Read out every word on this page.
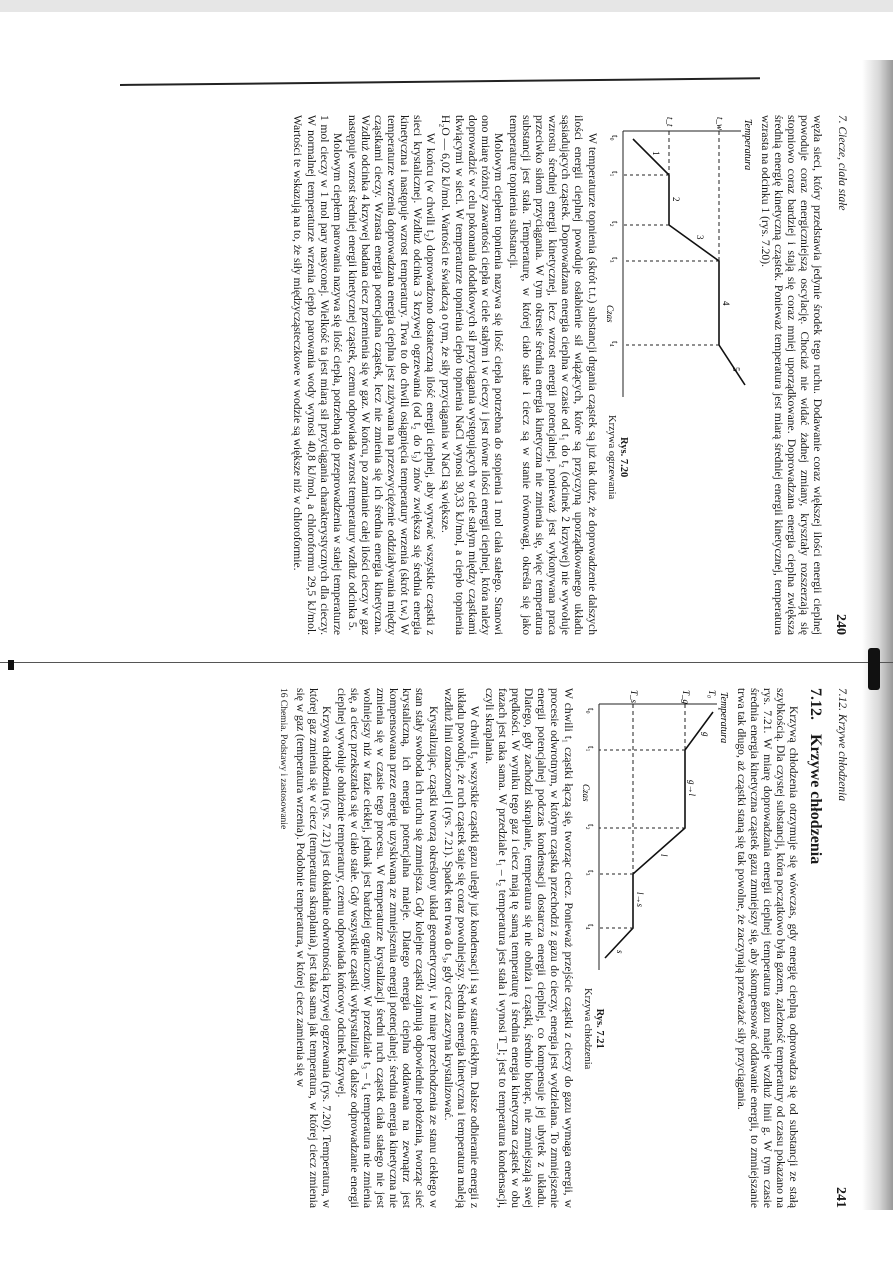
7. Ciecze, ciała stałe
240

węzła sieci, który przedstawia jedynie środek tego ruchu. Dodawanie coraz większej ilości energii cieplnej powoduje coraz energiczniejszą oscylację. Chociaż nie widać żadnej zmiany, kryształy rozszerzają się stopniowo coraz bardziej i stają się coraz mniej uporządkowane. Doprowadzana energia cieplna zwiększa średnią energię kinetyczną cząstek. Ponieważ temperatura jest miarą średniej energii kinetycznej, temperatura wzrasta na odcinku 1 (rys. 7.20).

Temperatura
t_w
t_t
1
2
3
4
5
t₀
t₁
t₂
t₃
t₄
Czas
Rys. 7.20
Krzywa ogrzewania

W temperaturze topnienia (skrót t.t.) substancji drgania cząstek są już tak duże, że doprowadzenie dalszych ilości energii cieplnej powoduje osłabienie sił wiążących, które są przyczyną uporządkowanego układu sąsiadujących cząstek. Doprowadzana energia cieplna w czasie od t₁ do t₂ (odcinek 2 krzywej) nie wywołuje wzrostu średniej energii kinetycznej, lecz wzrost energii potencjalnej, ponieważ jest wykonywana praca przeciwko siłom przyciągania. W tym okresie średnia energia kinetyczna nie zmienia się, więc temperatura substancji jest stała. Temperaturę, w której ciało stałe i ciecz są w stanie równowagi, określa się jako temperaturę topnienia substancji.

Molowym ciepłem topnienia nazywa się ilość ciepła potrzebna do stopienia 1 mol ciała stałego. Stanowi ono miarę różnicy zawartości ciepła w ciele stałym i w cieczy i jest równe ilości energii cieplnej, która należy doprowadzić w celu pokonania dodatkowych sił przyciągania występujących w ciele stałym między cząstkami tkwiącymi w sieci. W temperaturze topnienia ciepło topnienia NaCl wynosi 30,33 kJ/mol, a ciepło topnienia H₂O — 6,02 kJ/mol. Wartości te świadczą o tym, że siły przyciągania w NaCl są większe.

W końcu (w chwili t₂) doprowadzono dostateczną ilość energii cieplnej, aby wyrwać wszystkie cząstki z sieci krystalicznej. Wzdłuż odcinka 3 krzywej ogrzewania (od t₂ do t₃) znów zwiększa się średnia energia kinetyczna i następuje wzrost temperatury. Trwa to do chwili osiągnięcia temperatury wrzenia (skrót t.w.) W temperaturze wrzenia doprowadzana energia cieplna jest zużywana na przezwyciężenie oddziaływania między cząstkami cieczy. Wzrasta energia potencjalna cząstek, lecz nie zmienia się ich średnia energia kinetyczna. Wzdłuż odcinka 4 krzywej badana ciecz przemienia się w gaz. W końcu, po zamianie całej ilości cieczy w gaz następuje wzrost średniej energii kinetycznej cząstek, czemu odpowiada wzrost temperatury wzdłuż odcinka 5.

Molowym ciepłem parowania nazywa się ilość ciepła, potrzebną do przeprowadzenia w stałej temperaturze 1 mol cieczy w 1 mol pary nasyconej. Wielkość ta jest miarą sił przyciągania charakterystycznych dla cieczy. W normalnej temperaturze wrzenia ciepło parowania wody wynosi 40,8 kJ/mol, a chloroformu 29,5 kJ/mol. Wartości te wskazują na to, że siły międzycząsteczkowe w wodzie są większe niż w chloroformie.

7.12. Krzywe chłodzenia
241
7.12.Krzywe chłodzenia

Krzywą chłodzenia otrzymuje się wówczas, gdy energię cieplną odprowadza się od substancji ze stałą szybkością. Dla czystej substancji, która początkowo była gazem, zależność temperatury od czasu pokazano na rys. 7.21. W miarę doprowadzania energii cieplnej temperatura gazu maleje wzdłuż linii g. W tym czasie średnia energia kinetyczna cząstek gazu zmniejszy się, aby skompensować oddawanie energii, to zmniejszanie trwa tak długo, aż cząstki staną się tak powolne, że zaczynają przeważać siły przyciągania.

Temperatura
T₀
T_g
T_s
g
g→l
l
l→s
s
t₀
t₁
t₂
t₃
t₄
Czas
Rys. 7.21
Krzywa chłodzenia

W chwili t₁ cząstki łączą się, tworząc ciecz. Ponieważ przejście cząstki z cieczy do gazu wymaga energii, w procesie odwrotnym, w którym cząstka przechodzi z gazu do cieczy, energia jest wydzielana. To zmniejszenie energii potencjalnej podczas kondensacji dostarcza energii cieplnej, co kompensuje jej ubytek z układu. Dlatego, gdy zachodzi skraplanie, temperatura się nie obniża i cząstki, średnio biorąc, nie zmniejszają swej prędkości. W wyniku tego gaz i ciecz mają tę samą temperaturę i średnia energia kinetyczna cząstek w obu fazach jest taka sama. W przedziale t₁ – t₂ temperatura jest stała i wynosi T_l; jest to temperatura kondensacji, czyli skraplania.

W chwili t₂ wszystkie cząstki gazu uległy już kondensacji i są w stanie ciekłym. Dalsze odbieranie energii z układu powoduje, że ruch cząstek staje się coraz powolniejszy. Średnia energia kinetyczna i temperatura maleją wzdłuż linii oznaczonej l (rys. 7.21). Spadek ten trwa do t₃, gdy ciecz zaczyna krystalizować.

Krystalizując, cząstki tworzą określony układ geometryczny, i w miarę przechodzenia ze stanu ciekłego w stan stały swoboda ich ruchu się zmniejsza. Gdy kolejne cząstki zajmują odpowiednie położenia, tworząc sieć krystaliczną, ich energia potencjalna maleje. Dlatego energia cieplna oddawana na zewnątrz jest kompensowana przez energię uzyskiwaną ze zmniejszenia energii potencjalnej; średnia energia kinetyczna nie zmienia się w czasie tego procesu. W temperaturze krystalizacji średni ruch cząstek ciała stałego nie jest wolniejszy niż w fazie ciekłej, jednak jest bardziej ograniczony. W przedziale t₃ – t₄ temperatura nie zmienia się, a ciecz przekształca się w ciało stałe. Gdy wszystkie cząstki wykrystalizują, dalsze odprowadzanie energii cieplnej wywołuje obniżenie temperatury, czemu odpowiada końcowy odcinek krzywej.

Krzywa chłodzenia (rys. 7.21) jest dokładnie odwrotnością krzywej ogrzewania (rys. 7.20). Temperatura, w której gaz zmienia się w ciecz (temperatura skraplania), jest taka sama jak temperatura, w której ciecz zmienia się w gaz (temperatura wrzenia). Podobnie temperatura, w której ciecz zamienia się w

16 Chemia. Podstawy i zastosowanie
